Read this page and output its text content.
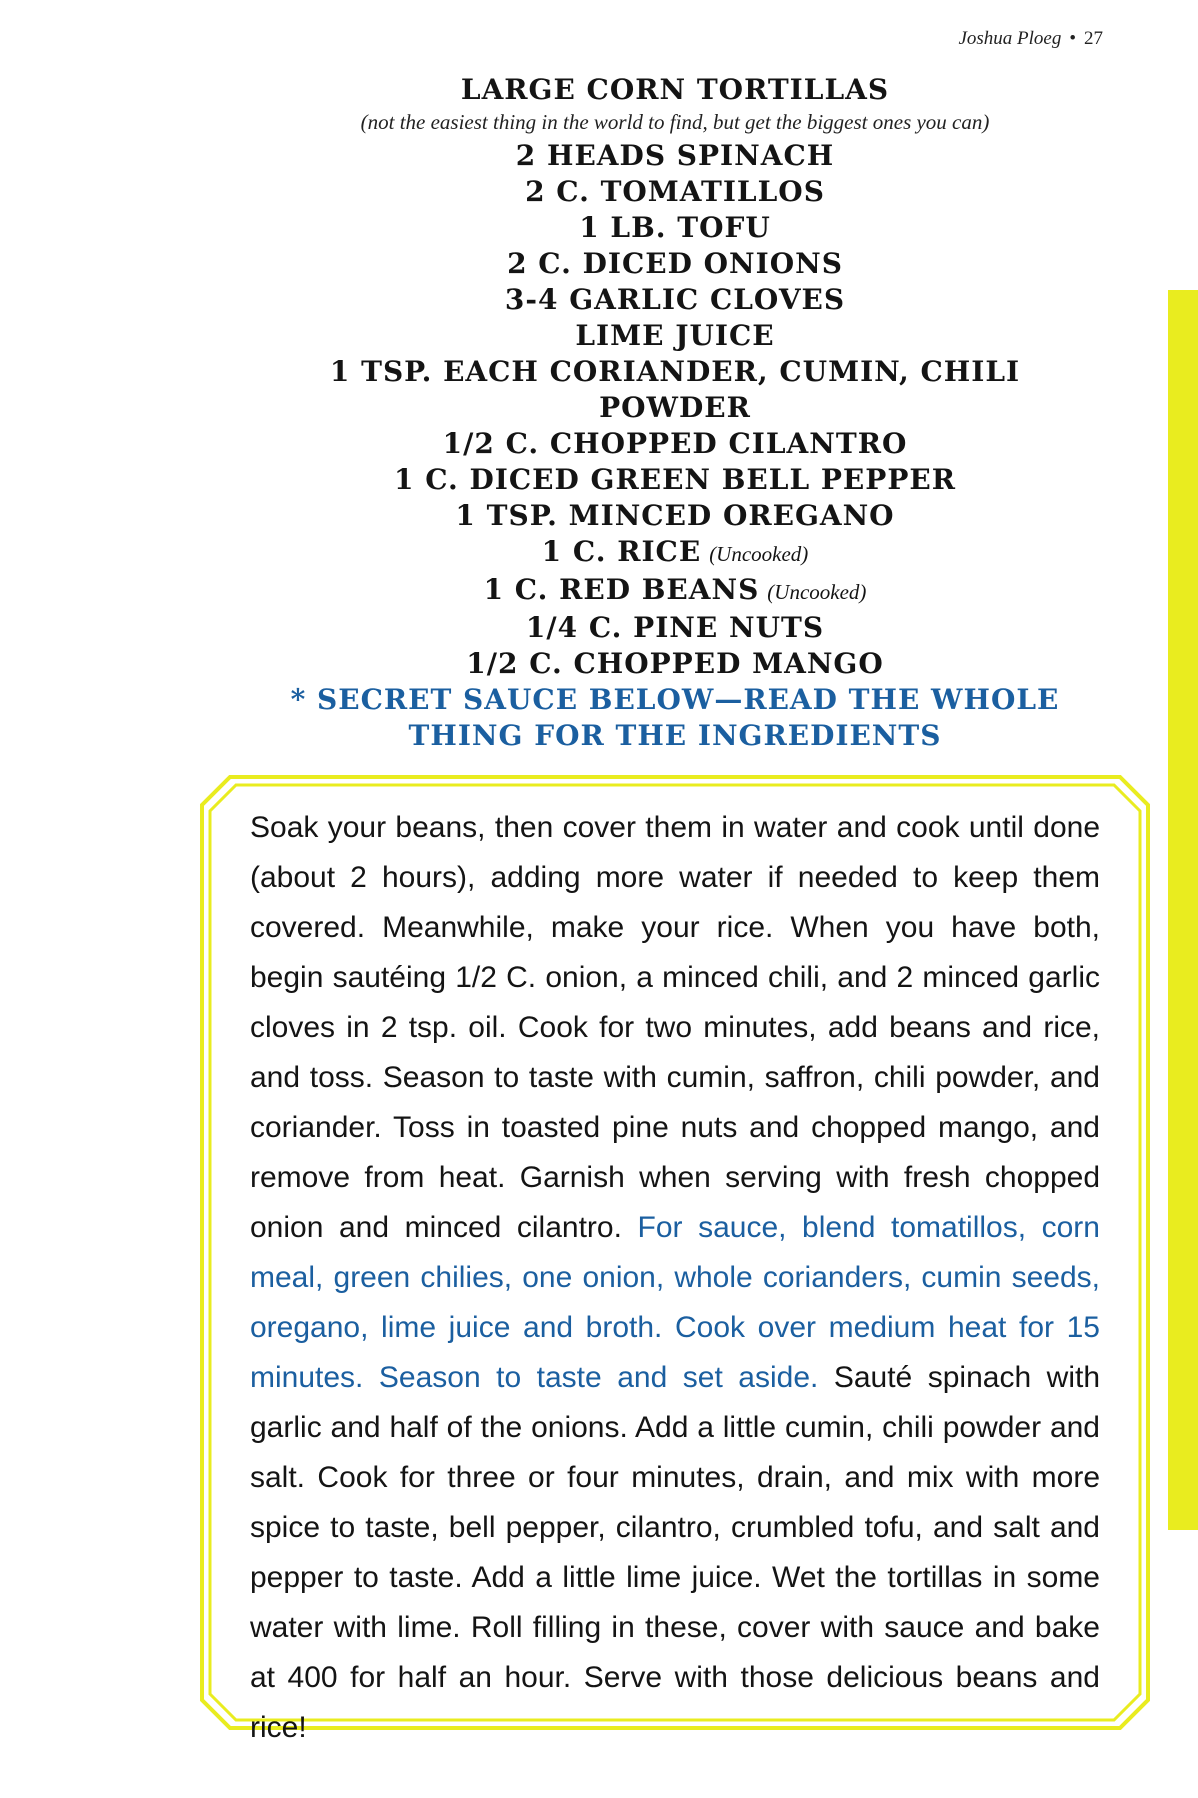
Joshua Ploeg • 27
LARGE CORN TORTILLAS
(not the easiest thing in the world to find, but get the biggest ones you can)
2 HEADS SPINACH
2 C. TOMATILLOS
1 LB. TOFU
2 C. DICED ONIONS
3-4 GARLIC CLOVES
LIME JUICE
1 TSP. EACH CORIANDER, CUMIN, CHILI
POWDER
1/2 C. CHOPPED CILANTRO
1 C. DICED GREEN BELL PEPPER
1 TSP. MINCED OREGANO
1 C. RICE (Uncooked)
1 C. RED BEANS (Uncooked)
1/4 C. PINE NUTS
1/2 C. CHOPPED MANGO
* SECRET SAUCE BELOW—READ THE WHOLE
THING FOR THE INGREDIENTS
Soak your beans, then cover them in water and cook until done (about 2 hours), adding more water if needed to keep them covered. Meanwhile, make your rice. When you have both, begin sautéing 1/2 C. onion, a minced chili, and 2 minced garlic cloves in 2 tsp. oil. Cook for two minutes, add beans and rice, and toss. Season to taste with cumin, saffron, chili powder, and coriander. Toss in toasted pine nuts and chopped mango, and remove from heat. Garnish when serving with fresh chopped onion and minced cilantro. For sauce, blend tomatillos, corn meal, green chilies, one onion, whole corianders, cumin seeds, oregano, lime juice and broth. Cook over medium heat for 15 minutes. Season to taste and set aside. Sauté spinach with garlic and half of the onions. Add a little cumin, chili powder and salt. Cook for three or four minutes, drain, and mix with more spice to taste, bell pepper, cilantro, crumbled tofu, and salt and pepper to taste. Add a little lime juice. Wet the tortillas in some water with lime. Roll filling in these, cover with sauce and bake at 400 for half an hour. Serve with those delicious beans and rice!
